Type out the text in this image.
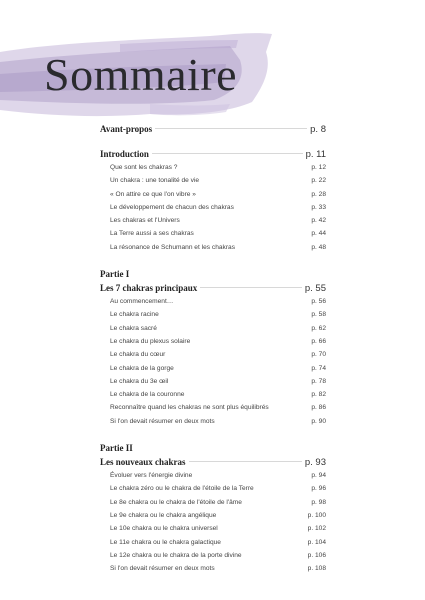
Sommaire
Avant-propos	p. 8
Introduction	p. 11
Que sont les chakras ?	p. 12
Un chakra : une tonalité de vie	p. 22
« On attire ce que l'on vibre »	p. 28
Le développement de chacun des chakras	p. 33
Les chakras et l'Univers	p. 42
La Terre aussi a ses chakras	p. 44
La résonance de Schumann et les chakras	p. 48
Partie I
Les 7 chakras principaux	p. 55
Au commencement…	p. 56
Le chakra racine	p. 58
Le chakra sacré	p. 62
Le chakra du plexus solaire	p. 66
Le chakra du cœur	p. 70
Le chakra de la gorge	p. 74
Le chakra du 3e œil	p. 78
Le chakra de la couronne	p. 82
Reconnaître quand les chakras ne sont plus équilibrés	p. 86
Si l'on devait résumer en deux mots	p. 90
Partie II
Les nouveaux chakras	p. 93
Évoluer vers l'énergie divine	p. 94
Le chakra zéro ou le chakra de l'étoile de la Terre	p. 96
Le 8e chakra ou le chakra de l'étoile de l'âme	p. 98
Le 9e chakra ou le chakra angélique	p. 100
Le 10e chakra ou le chakra universel	p. 102
Le 11e chakra ou le chakra galactique	p. 104
Le 12e chakra ou le chakra de la porte divine	p. 106
Si l'on devait résumer en deux mots	p. 108
